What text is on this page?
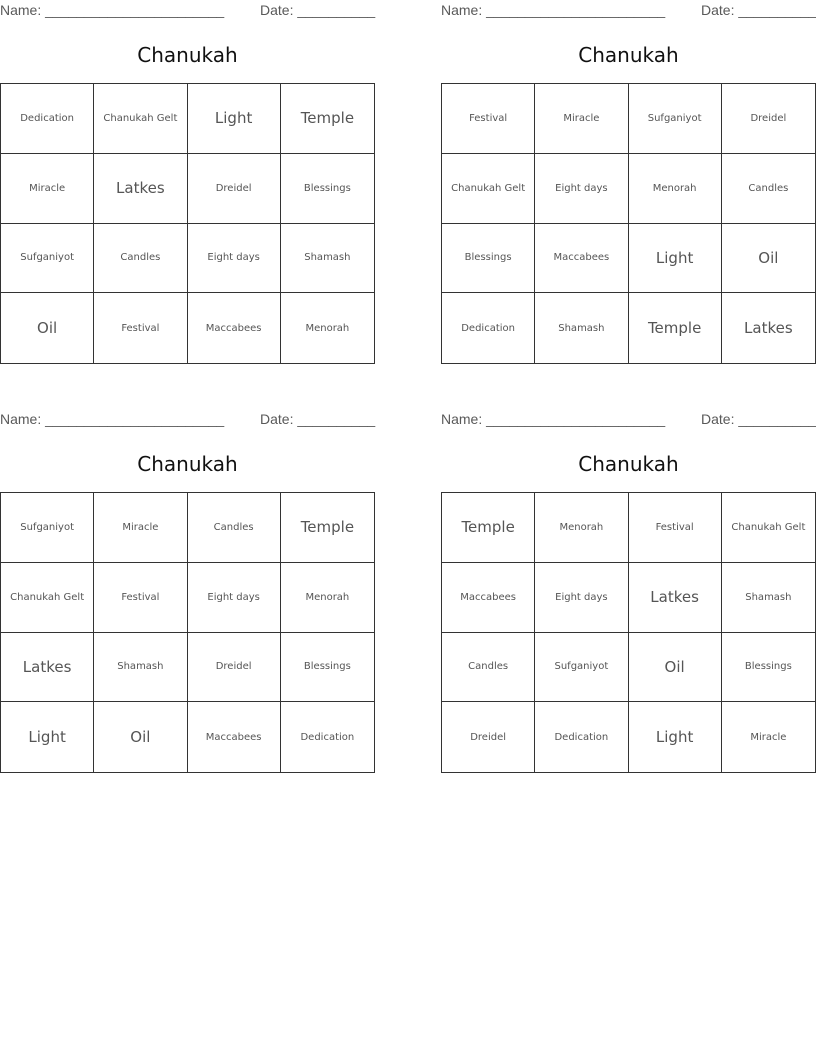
Name: _______________________	Date: __________
Chanukah
Dedication	Chanukah Gelt	Light	Temple
Miracle	Latkes	Dreidel	Blessings
Sufganiyot	Candles	Eight days	Shamash
Oil	Festival	Maccabees	Menorah
Name: _______________________	Date: __________
Chanukah
Festival	Miracle	Sufganiyot	Dreidel
Chanukah Gelt	Eight days	Menorah	Candles
Blessings	Maccabees	Light	Oil
Dedication	Shamash	Temple	Latkes
Name: _______________________	Date: __________
Chanukah
Sufganiyot	Miracle	Candles	Temple
Chanukah Gelt	Festival	Eight days	Menorah
Latkes	Shamash	Dreidel	Blessings
Light	Oil	Maccabees	Dedication
Name: _______________________	Date: __________
Chanukah
Temple	Menorah	Festival	Chanukah Gelt
Maccabees	Eight days	Latkes	Shamash
Candles	Sufganiyot	Oil	Blessings
Dreidel	Dedication	Light	Miracle
